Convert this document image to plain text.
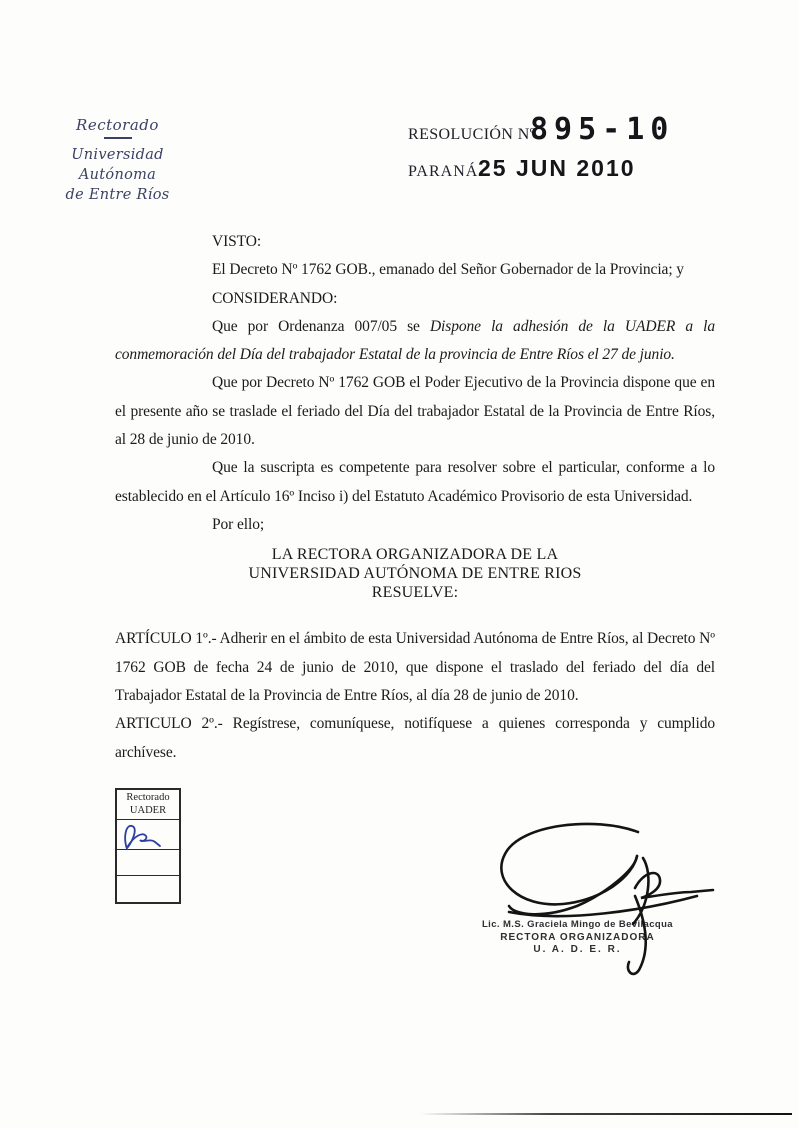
Rectorado
Universidad Autónoma
de Entre Ríos
RESOLUCIÓN Nº
895-10
PARANÁ 25 JUN 2010

VISTO:

El Decreto Nº 1762 GOB., emanado del Señor Gobernador de la Provincia; y

CONSIDERANDO:

Que por Ordenanza 007/05 se Dispone la adhesión de la UADER a la conmemoración del Día del trabajador Estatal de la provincia de Entre Ríos el 27 de junio.

Que por Decreto Nº 1762 GOB el Poder Ejecutivo de la Provincia dispone que en el presente año se traslade el feriado del Día del trabajador Estatal de la Provincia de Entre Ríos, al 28 de junio de 2010.

Que la suscripta es competente para resolver sobre el particular, conforme a lo establecido en el Artículo 16º Inciso i) del Estatuto Académico Provisorio de esta Universidad.

Por ello;

LA RECTORA ORGANIZADORA DE LA
UNIVERSIDAD AUTÓNOMA DE ENTRE RIOS
RESUELVE:

ARTÍCULO 1º.- Adherir en el ámbito de esta Universidad Autónoma de Entre Ríos, al Decreto Nº 1762 GOB de fecha 24 de junio de 2010, que dispone el traslado del feriado del día del Trabajador Estatal de la Provincia de Entre Ríos, al día 28 de junio de 2010.

ARTICULO 2º.- Regístrese, comuníquese, notifíquese a quienes corresponda y cumplido archívese.

Rectorado
UADER
Lic. M.S. Graciela Mingo de Bevilacqua
RECTORA ORGANIZADORA
U. A. D. E. R.
